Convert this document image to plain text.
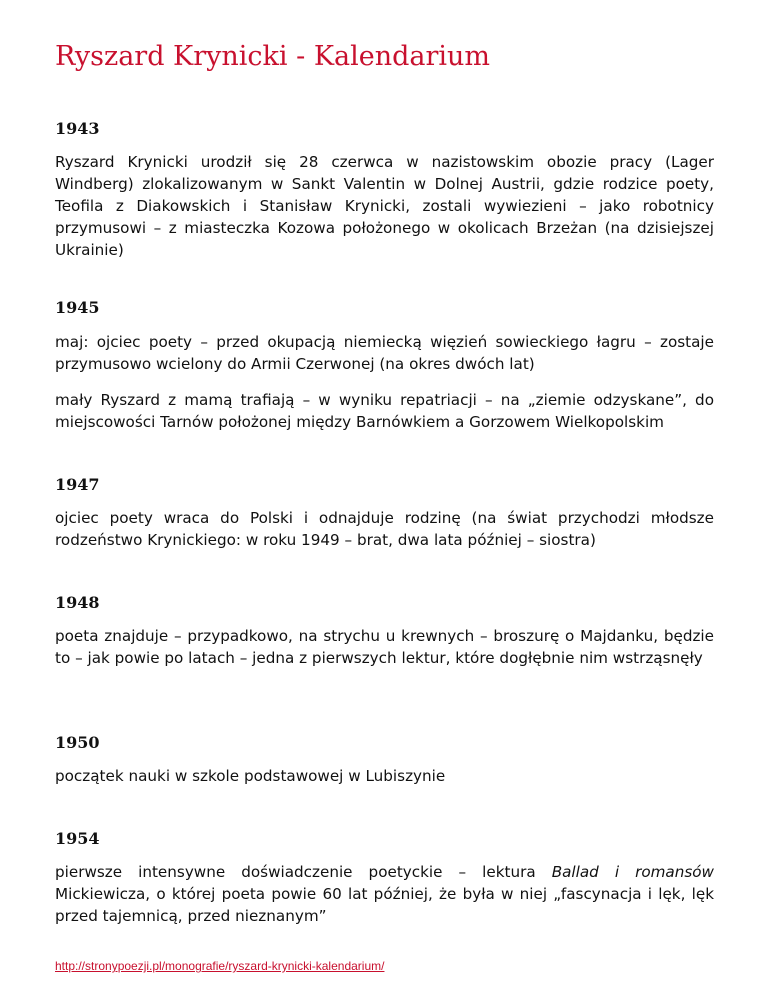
Ryszard Krynicki - Kalendarium
1943

Ryszard Krynicki urodził się 28 czerwca w nazistowskim obozie pracy (Lager Windberg) zlokalizowanym w Sankt Valentin w Dolnej Austrii, gdzie rodzice poety, Teofila z Diakowskich i Stanisław Krynicki, zostali wywiezieni – jako robotnicy przymusowi – z miasteczka Kozowa położonego w okolicach Brzeżan (na dzisiejszej Ukrainie)

1945

maj: ojciec poety – przed okupacją niemiecką więzień sowieckiego łagru – zostaje przymusowo wcielony do Armii Czerwonej (na okres dwóch lat)

mały Ryszard z mamą trafiają – w wyniku repatriacji – na „ziemie odzyskane”, do miejscowości Tarnów położonej między Barnówkiem a Gorzowem Wielkopolskim

1947

ojciec poety wraca do Polski i odnajduje rodzinę (na świat przychodzi młodsze rodzeństwo Krynickiego: w roku 1949 – brat, dwa lata później – siostra)

1948

poeta znajduje – przypadkowo, na strychu u krewnych – broszurę o Majdanku, będzie to – jak powie po latach – jedna z pierwszych lektur, które dogłębnie nim wstrząsnęły

1950

początek nauki w szkole podstawowej w Lubiszynie

1954

pierwsze intensywne doświadczenie poetyckie – lektura Ballad i romansów Mickiewicza, o której poeta powie 60 lat później, że była w niej „fascynacja i lęk, lęk przed tajemnicą, przed nieznanym”

http://stronypoezji.pl/monografie/ryszard-krynicki-kalendarium/
